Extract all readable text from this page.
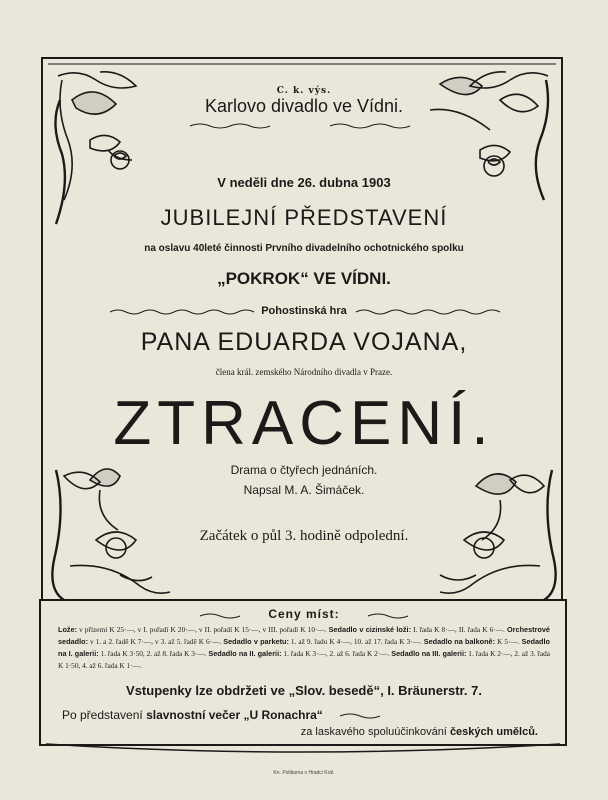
C. k. výs.
Karlovo divadlo ve Vídni.
V neděli dne 26. dubna 1903
JUBILEJNÍ PŘEDSTAVENÍ
na oslavu 40leté činnosti Prvního divadelního ochotnického spolku
„POKROK“ VE VÍDNI.
Pohostinská hra
PANA EDUARDA VOJANA,
člena král. zemského Národního divadla v Praze.
ZTRACENÍ.
Drama o čtyřech jednáních.
Napsal M. A. Šimáček.
Začátek o půl 3. hodině odpolední.
Ceny míst:
Lože: v přízemí K 25·—, v I. pořadí K 20·—, v II. pořadí K 15·—, v III. pořadí K 10·—. Sedadlo v cizinské loži: I. řada K 8·—, II. řada K 6·—. Orchestrové sedadlo: v 1. a 2. řadě K 7·—, v 3. až 5. řadě K 6·—. Sedadlo v parketu: 1. až 9. řadu K 4·—, 10. až 17. řada K 3·—. Sedadlo na balkoně: K 5·—. Sedadlo na I. galerii: 1. řada K 3·50, 2. až 8. řada K 3·—. Sedadlo na II. galerii: 1. řada K 3·—, 2. až 6. řada K 2·—. Sedadlo na III. galerii: 1. řada K 2·—, 2. až 3. řada K 1·50, 4. až 6. řada K 1·—.
Vstupenky lze obdržeti ve „Slov. besedě“, I. Bräunerstr. 7.
Po představení slavnostní večer „U Ronachra“
za laskavého spoluúčinkování českých umělců.
Kn. Politiarna v Hradci Král.
